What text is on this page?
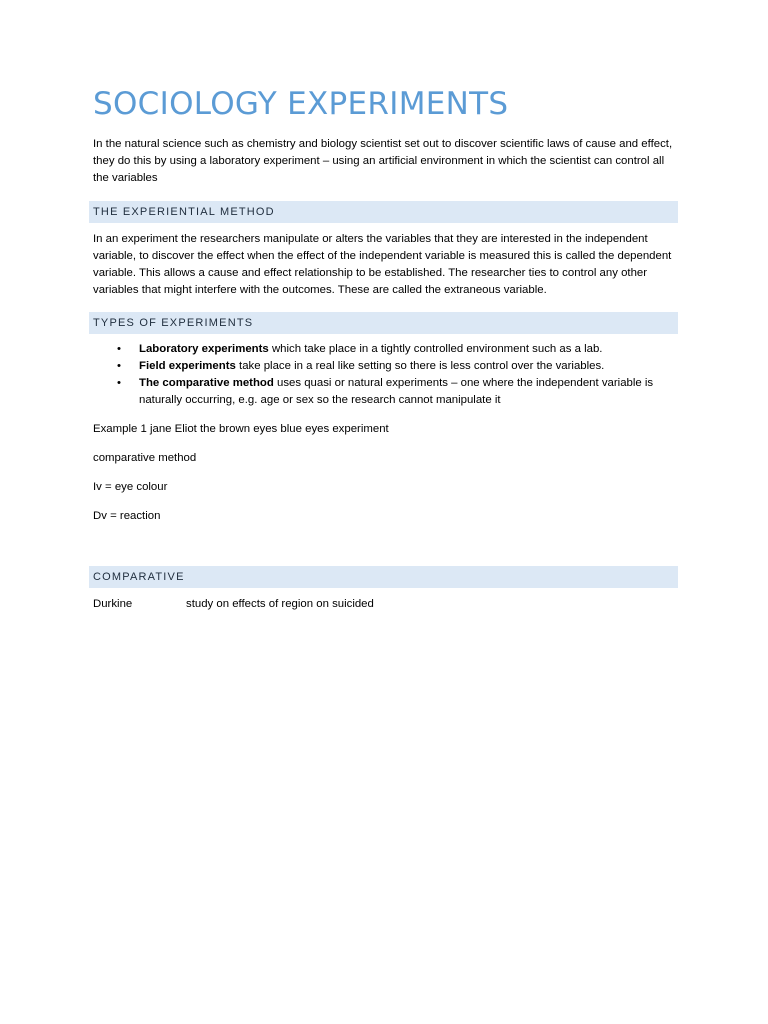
SOCIOLOGY EXPERIMENTS

In the natural science such as chemistry and biology scientist set out to discover scientific laws of cause and effect, they do this by using a laboratory experiment – using an artificial environment in which the scientist can control all the variables

THE EXPERIENTIAL METHOD

In an experiment the researchers manipulate or alters the variables that they are interested in the independent variable, to discover the effect when the effect of the independent variable is measured this is called the dependent variable. This allows a cause and effect relationship to be established. The researcher ties to control any other variables that might interfere with the outcomes. These are called the extraneous variable.

TYPES OF EXPERIMENTS
• Laboratory experiments which take place in a tightly controlled environment such as a lab.
• Field experiments take place in a real like setting so there is less control over the variables.
• The comparative method uses quasi or natural experiments – one where the independent variable is naturally occurring, e.g. age or sex so the research cannot manipulate it

Example 1 jane Eliot the brown eyes blue eyes experiment

comparative method

Iv = eye colour

Dv = reaction

COMPARATIVE
Durkine	study on effects of region on suicided
